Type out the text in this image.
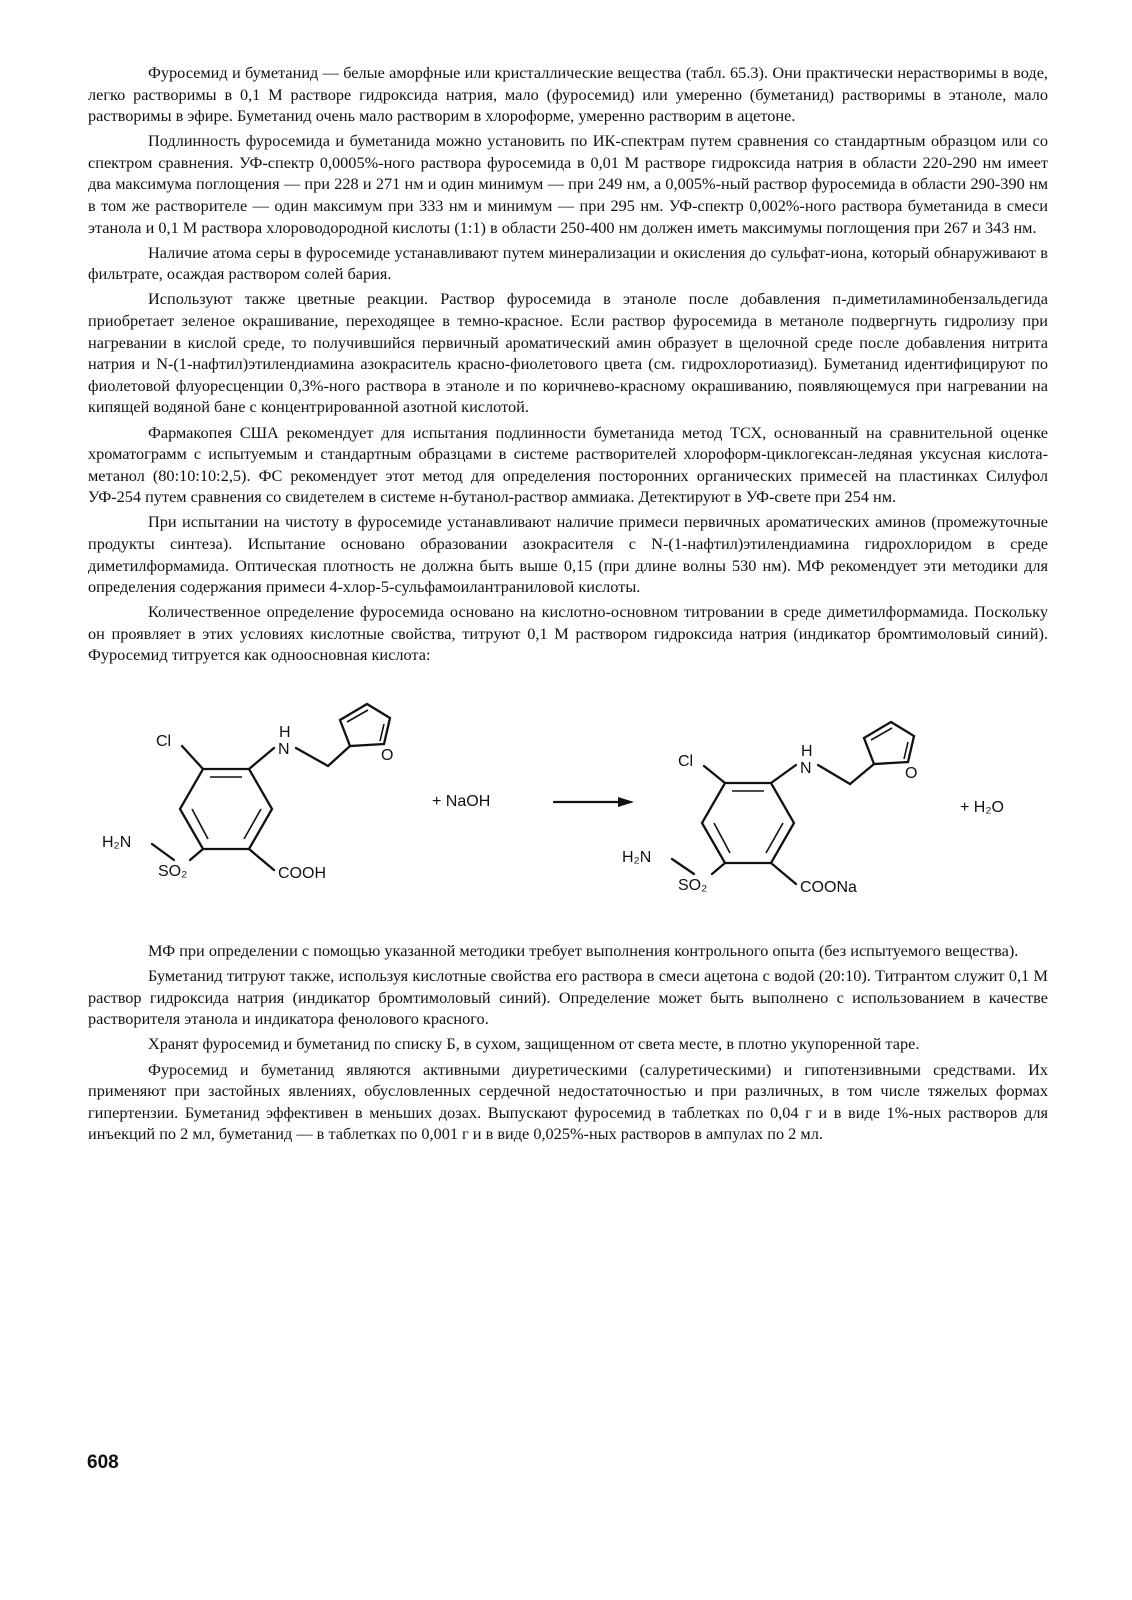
Фуросемид и буметанид — белые аморфные или кристаллические вещества (табл. 65.3). Они практически нерастворимы в воде, легко растворимы в 0,1 М растворе гидроксида натрия, мало (фуросемид) или умеренно (буметанид) растворимы в этаноле, мало растворимы в эфире. Буметанид очень мало растворим в хлороформе, умеренно растворим в ацетоне.

Подлинность фуросемида и буметанида можно установить по ИК-спектрам путем сравнения со стандартным образцом или со спектром сравнения. УФ-спектр 0,0005%-ного раствора фуросемида в 0,01 М растворе гидроксида натрия в области 220-290 нм имеет два максимума поглощения — при 228 и 271 нм и один минимум — при 249 нм, а 0,005%-ный раствор фуросемида в области 290-390 нм в том же растворителе — один максимум при 333 нм и минимум — при 295 нм. УФ-спектр 0,002%-ного раствора буметанида в смеси этанола и 0,1 М раствора хлороводородной кислоты (1:1) в области 250-400 нм должен иметь максимумы поглощения при 267 и 343 нм.

Наличие атома серы в фуросемиде устанавливают путем минерализации и окисления до сульфат-иона, который обнаруживают в фильтрате, осаждая раствором солей бария.

Используют также цветные реакции. Раствор фуросемида в этаноле после добавления п-диметиламинобензальдегида приобретает зеленое окрашивание, переходящее в темно-красное. Если раствор фуросемида в метаноле подвергнуть гидролизу при нагревании в кислой среде, то получившийся первичный ароматический амин образует в щелочной среде после добавления нитрита натрия и N-(1-нафтил)этилендиамина азокраситель красно-фиолетового цвета (см. гидрохлоротиазид). Буметанид идентифицируют по фиолетовой флуоресценции 0,3%-ного раствора в этаноле и по коричнево-красному окрашиванию, появляющемуся при нагревании на кипящей водяной бане с концентрированной азотной кислотой.

Фармакопея США рекомендует для испытания подлинности буметанида метод ТСХ, основанный на сравнительной оценке хроматограмм с испытуемым и стандартным образцами в системе растворителей хлороформ-циклогексан-ледяная уксусная кислота-метанол (80:10:10:2,5). ФС рекомендует этот метод для определения посторонних органических примесей на пластинках Силуфол УФ-254 путем сравнения со свидетелем в системе н-бутанол-раствор аммиака. Детектируют в УФ-свете при 254 нм.

При испытании на чистоту в фуросемиде устанавливают наличие примеси первичных ароматических аминов (промежуточные продукты синтеза). Испытание основано образовании азокрасителя с N-(1-нафтил)этилендиамина гидрохлоридом в среде диметилформамида. Оптическая плотность не должна быть выше 0,15 (при длине волны 530 нм). МФ рекомендует эти методики для определения содержания примеси 4-хлор-5-сульфамоилантраниловой кислоты.

Количественное определение фуросемида основано на кислотно-основном титровании в среде диметилформамида. Поскольку он проявляет в этих условиях кислотные свойства, титруют 0,1 М раствором гидроксида натрия (индикатор бромтимоловый синий). Фуросемид титруется как одноосновная кислота:

Cl
H
N	O
H₂N
SO₂	COOH
+ NaOH
Cl
H
N	O
H₂N
SO₂	COONa
+ H₂O

МФ при определении с помощью указанной методики требует выполнения контрольного опыта (без испытуемого вещества).

Буметанид титруют также, используя кислотные свойства его раствора в смеси ацетона с водой (20:10). Титрантом служит 0,1 М раствор гидроксида натрия (индикатор бромтимоловый синий). Определение может быть выполнено с использованием в качестве растворителя этанола и индикатора фенолового красного.

Хранят фуросемид и буметанид по списку Б, в сухом, защищенном от света месте, в плотно укупоренной таре.

Фуросемид и буметанид являются активными диуретическими (салуретическими) и гипотензивными средствами. Их применяют при застойных явлениях, обусловленных сердечной недостаточностью и при различных, в том числе тяжелых формах гипертензии. Буметанид эффективен в меньших дозах. Выпускают фуросемид в таблетках по 0,04 г и в виде 1%-ных растворов для инъекций по 2 мл, буметанид — в таблетках по 0,001 г и в виде 0,025%-ных растворов в ампулах по 2 мл.

608
